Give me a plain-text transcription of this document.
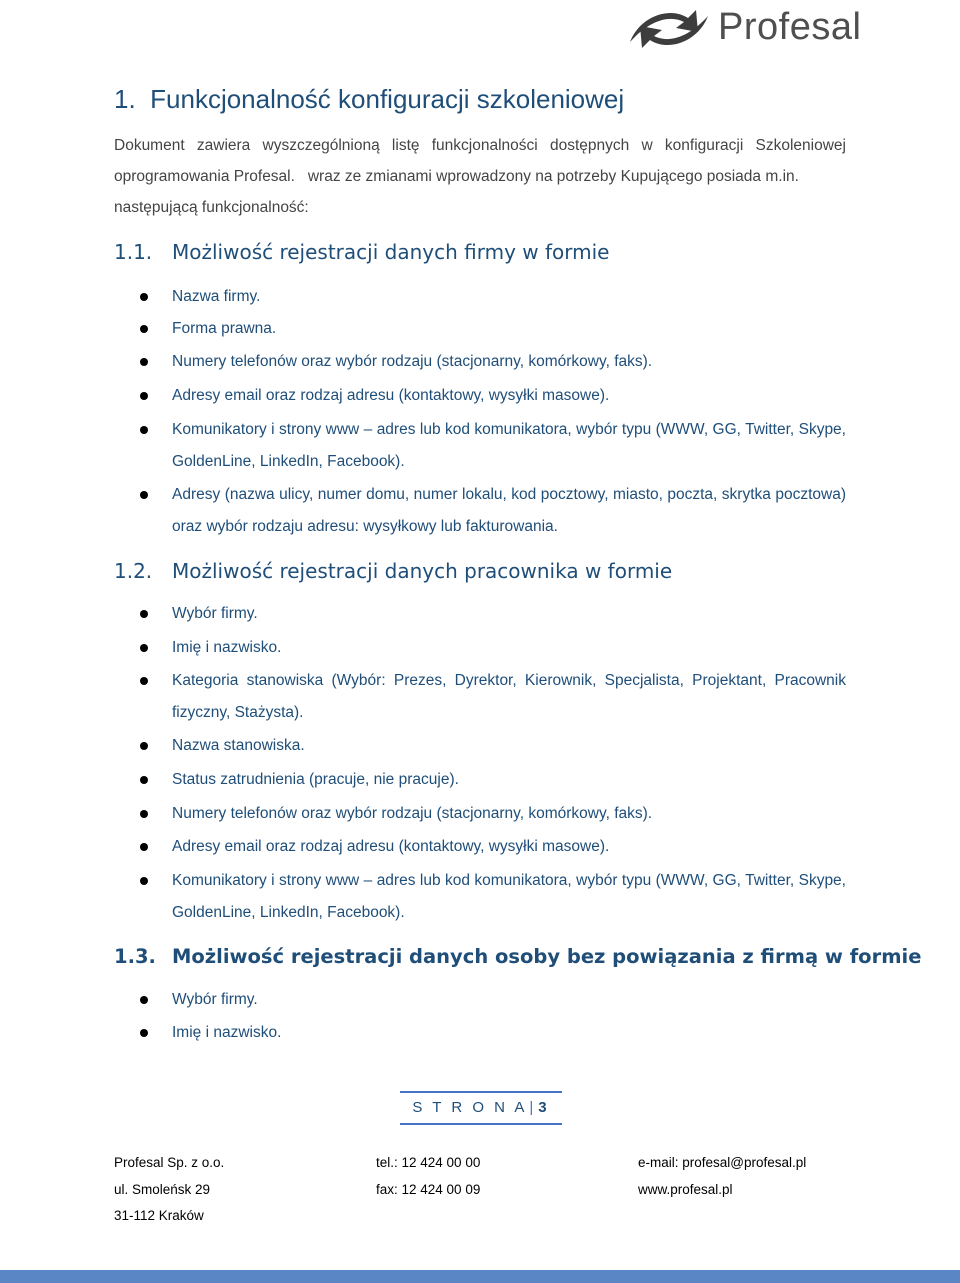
Profesal
1. Funkcjonalność konfiguracji szkoleniowej
Dokument zawiera wyszczególnioną listę funkcjonalności dostępnych w konfiguracji Szkoleniowej
oprogramowania Profesal.   wraz ze zmianami wprowadzony na potrzeby Kupującego posiada m.in.
następującą funkcjonalność:
1.1. Możliwość rejestracji danych firmy w formie
Nazwa firmy.
Forma prawna.
Numery telefonów oraz wybór rodzaju (stacjonarny, komórkowy, faks).
Adresy email oraz rodzaj adresu (kontaktowy, wysyłki masowe).
Komunikatory i strony www – adres lub kod komunikatora, wybór typu (WWW, GG, Twitter, Skype, GoldenLine, LinkedIn, Facebook).
Adresy (nazwa ulicy, numer domu, numer lokalu, kod pocztowy, miasto, poczta, skrytka pocztowa) oraz wybór rodzaju adresu: wysyłkowy lub fakturowania.
1.2. Możliwość rejestracji danych pracownika w formie
Wybór firmy.
Imię i nazwisko.
Kategoria stanowiska (Wybór: Prezes, Dyrektor, Kierownik, Specjalista, Projektant, Pracownik fizyczny, Stażysta).
Nazwa stanowiska.
Status zatrudnienia (pracuje, nie pracuje).
Numery telefonów oraz wybór rodzaju (stacjonarny, komórkowy, faks).
Adresy email oraz rodzaj adresu (kontaktowy, wysyłki masowe).
Komunikatory i strony www – adres lub kod komunikatora, wybór typu (WWW, GG, Twitter, Skype, GoldenLine, LinkedIn, Facebook).
1.3. Możliwość rejestracji danych osoby bez powiązania z firmą w formie
Wybór firmy.
Imię i nazwisko.
S T R O N A | 3
Profesal Sp. z o.o.
ul. Smoleńsk 29
31-112 Kraków
tel.: 12 424 00 00
fax: 12 424 00 09
e-mail: profesal@profesal.pl
www.profesal.pl
